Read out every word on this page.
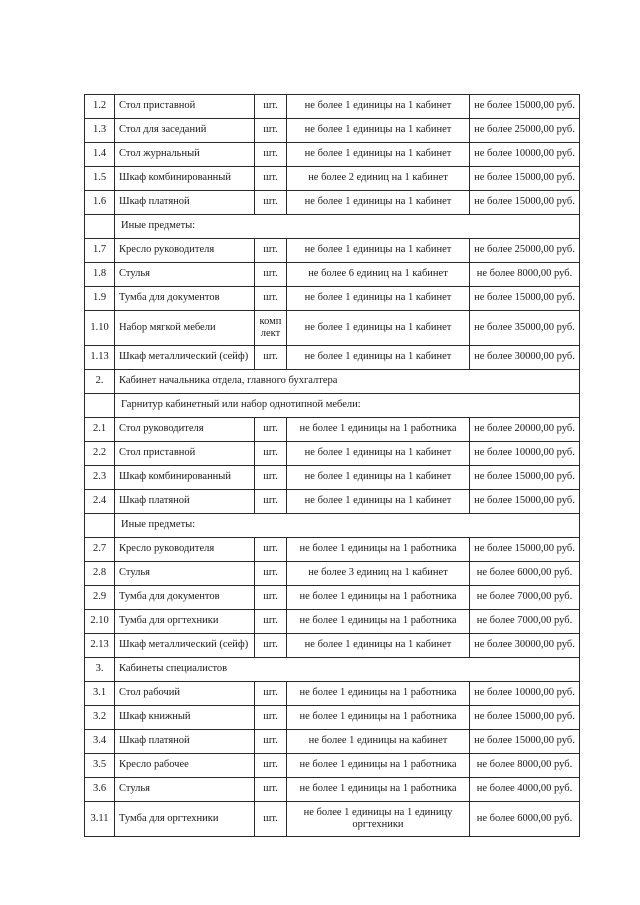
1.2	Стол приставной	шт.	не более 1 единицы на 1 кабинет	не более 15000,00 руб.
1.3	Стол для заседаний	шт.	не более 1 единицы на 1 кабинет	не более 25000,00 руб.
1.4	Стол журнальный	шт.	не более 1 единицы на 1 кабинет	не более 10000,00 руб.
1.5	Шкаф комбинированный	шт.	не более 2 единиц на 1 кабинет	не более 15000,00 руб.
1.6	Шкаф платяной	шт.	не более 1 единицы на 1 кабинет	не более 15000,00 руб.
	Иные предметы:			
1.7	Кресло руководителя	шт.	не более 1 единицы на 1 кабинет	не более 25000,00 руб.
1.8	Стулья	шт.	не более 6 единиц на 1 кабинет	не более 8000,00 руб.
1.9	Тумба для документов	шт.	не более 1 единицы на 1 кабинет	не более 15000,00 руб.
1.10	Набор мягкой мебели	комп лект	не более 1 единицы на 1 кабинет	не более 35000,00 руб.
1.13	Шкаф металлический (сейф)	шт.	не более 1 единицы на 1 кабинет	не более 30000,00 руб.
2.	Кабинет начальника отдела, главного бухгалтера			
	Гарнитур кабинетный или набор однотипной мебели:			
2.1	Стол руководителя	шт.	не более 1 единицы на 1 работника	не более 20000,00 руб.
2.2	Стол приставной	шт.	не более 1 единицы на 1 кабинет	не более 10000,00 руб.
2.3	Шкаф комбинированный	шт.	не более 1 единицы на 1 кабинет	не более 15000,00 руб.
2.4	Шкаф платяной	шт.	не более 1 единицы на 1 кабинет	не более 15000,00 руб.
	Иные предметы:			
2.7	Кресло руководителя	шт.	не более 1 единицы на 1 работника	не более 15000,00 руб.
2.8	Стулья	шт.	не более 3 единиц на 1 кабинет	не более 6000,00 руб.
2.9	Тумба для документов	шт.	не более 1 единицы на 1 работника	не более 7000,00 руб.
2.10	Тумба для оргтехники	шт.	не более 1 единицы на 1 работника	не более 7000,00 руб.
2.13	Шкаф металлический (сейф)	шт.	не более 1 единицы на 1 кабинет	не более 30000,00 руб.
3.	Кабинеты специалистов			
3.1	Стол рабочий	шт.	не более 1 единицы на 1 работника	не более 10000,00 руб.
3.2	Шкаф книжный	шт.	не более 1 единицы на 1 работника	не более 15000,00 руб.
3.4	Шкаф платяной	шт.	не более 1 единицы на кабинет	не более 15000,00 руб.
3.5	Кресло рабочее	шт.	не более 1 единицы на 1 работника	не более 8000,00 руб.
3.6	Стулья	шт.	не более 1 единицы на 1 работника	не более 4000,00 руб.
3.11	Тумба для оргтехники	шт.	не более 1 единицы на 1 единицу оргтехники	не более 6000,00 руб.
